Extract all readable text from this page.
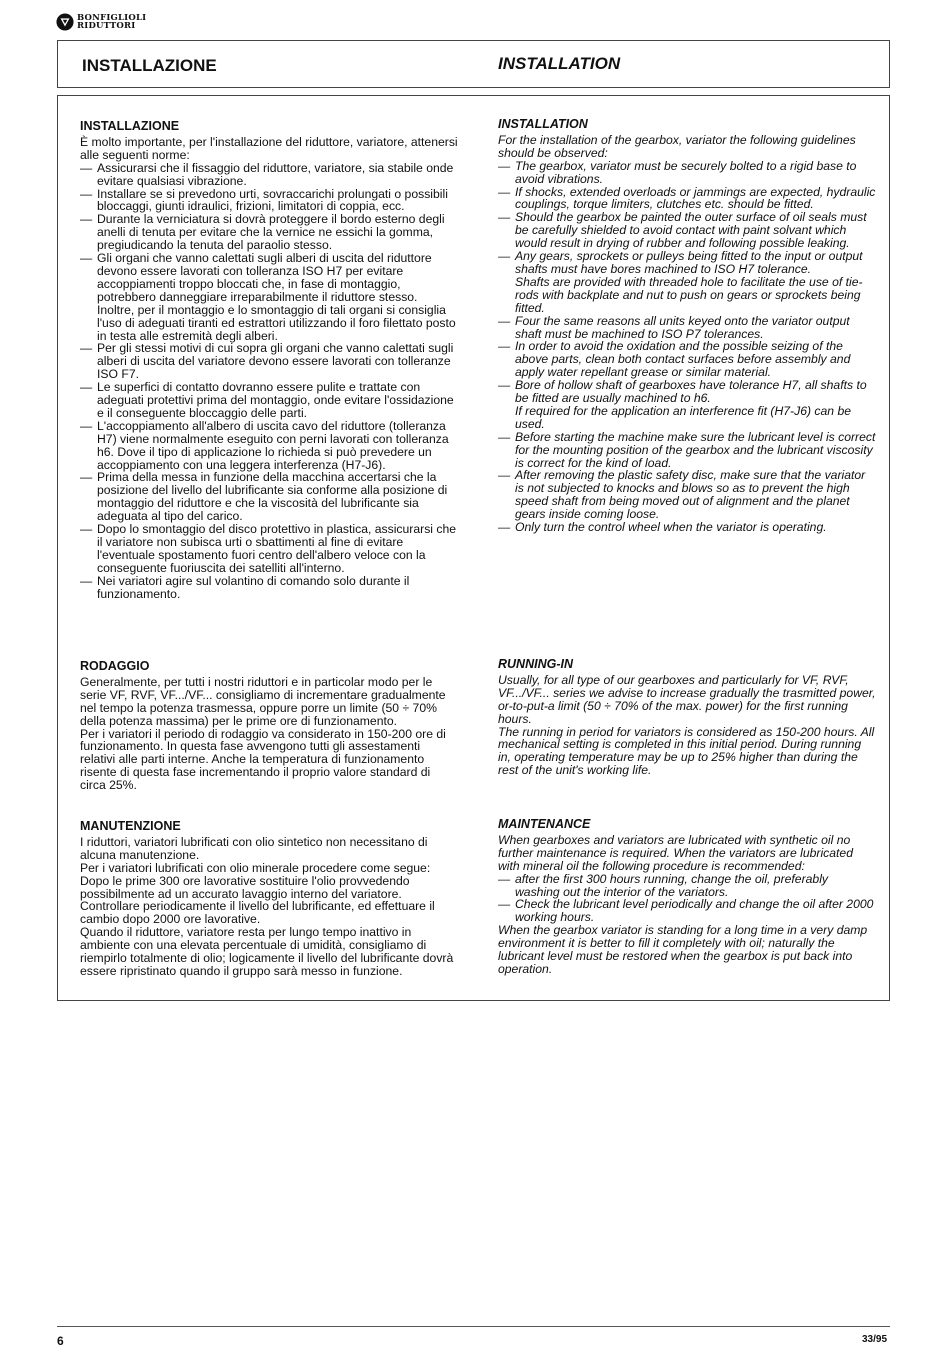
BONFIGLIOLI
RIDUTTORI
INSTALLAZIONE	INSTALLATION
INSTALLAZIONE

È molto importante, per l'installazione del riduttore, variatore, attenersi alle seguenti norme:

— Assicurarsi che il fissaggio del riduttore, variatore, sia stabile onde evitare qualsiasi vibrazione.

— Installare se si prevedono urti, sovraccarichi prolungati o possibili bloccaggi, giunti idraulici, frizioni, limitatori di coppia, ecc.

— Durante la verniciatura si dovrà proteggere il bordo esterno degli anelli di tenuta per evitare che la vernice ne essichi la gomma, pregiudicando la tenuta del paraolio stesso.

— Gli organi che vanno calettati sugli alberi di uscita del riduttore devono essere lavorati con tolleranza ISO H7 per evitare accoppiamenti troppo bloccati che, in fase di montaggio, potrebbero danneggiare irreparabilmente il riduttore stesso. Inoltre, per il montaggio e lo smontaggio di tali organi si consiglia l'uso di adeguati tiranti ed estrattori utilizzando il foro filettato posto in testa alle estremità degli alberi.

— Per gli stessi motivi di cui sopra gli organi che vanno calettati sugli alberi di uscita del variatore devono essere lavorati con tolleranze ISO F7.

— Le superfici di contatto dovranno essere pulite e trattate con adeguati protettivi prima del montaggio, onde evitare l'ossidazione e il conseguente bloccaggio delle parti.

— L'accoppiamento all'albero di uscita cavo del riduttore (tolleranza H7) viene normalmente eseguito con perni lavorati con tolleranza h6. Dove il tipo di applicazione lo richieda si può prevedere un accoppiamento con una leggera interferenza (H7-J6).

— Prima della messa in funzione della macchina accertarsi che la posizione del livello del lubrificante sia conforme alla posizione di montaggio del riduttore e che la viscosità del lubrificante sia adeguata al tipo del carico.

— Dopo lo smontaggio del disco protettivo in plastica, assicurarsi che il variatore non subisca urti o sbattimenti al fine di evitare l'eventuale spostamento fuori centro dell'albero veloce con la conseguente fuoriuscita dei satelliti all'interno.

— Nei variatori agire sul volantino di comando solo durante il funzionamento.

RODAGGIO

Generalmente, per tutti i nostri riduttori e in particolar modo per le serie VF, RVF, VF.../VF... consigliamo di incrementare gradualmente nel tempo la potenza trasmessa, oppure porre un limite (50 ÷ 70% della potenza massima) per le prime ore di funzionamento.

Per i variatori il periodo di rodaggio va considerato in 150-200 ore di funzionamento. In questa fase avvengono tutti gli assestamenti relativi alle parti interne. Anche la temperatura di funzionamento risente di questa fase incrementando il proprio valore standard di circa 25%.

MANUTENZIONE

I riduttori, variatori lubrificati con olio sintetico non necessitano di alcuna manutenzione.

Per i variatori lubrificati con olio minerale procedere come segue: Dopo le prime 300 ore lavorative sostituire l'olio provvedendo possibilmente ad un accurato lavaggio interno del variatore. Controllare periodicamente il livello del lubrificante, ed effettuare il cambio dopo 2000 ore lavorative.

Quando il riduttore, variatore resta per lungo tempo inattivo in ambiente con una elevata percentuale di umidità, consigliamo di riempirlo totalmente di olio; logicamente il livello del lubrificante dovrà essere ripristinato quando il gruppo sarà messo in funzione.

INSTALLATION

For the installation of the gearbox, variator the following guidelines should be observed:

— The gearbox, variator must be securely bolted to a rigid base to avoid vibrations.

— If shocks, extended overloads or jammings are expected, hydraulic couplings, torque limiters, clutches etc. should be fitted.

— Should the gearbox be painted the outer surface of oil seals must be carefully shielded to avoid contact with paint solvant which would result in drying of rubber and following possible leaking.

— Any gears, sprockets or pulleys being fitted to the input or output shafts must have bores machined to ISO H7 tolerance.

Shafts are provided with threaded hole to facilitate the use of tie-rods with backplate and nut to push on gears or sprockets being fitted.

— Four the same reasons all units keyed onto the variator output shaft must be machined to ISO P7 tolerances.

— In order to avoid the oxidation and the possible seizing of the above parts, clean both contact surfaces before assembly and apply water repellant grease or similar material.

— Bore of hollow shaft of gearboxes have tolerance H7, all shafts to be fitted are usually machined to h6.

If required for the application an interference fit (H7-J6) can be used.

— Before starting the machine make sure the lubricant level is correct for the mounting position of the gearbox and the lubricant viscosity is correct for the kind of load.

— After removing the plastic safety disc, make sure that the variator is not subjected to knocks and blows so as to prevent the high speed shaft from being moved out of alignment and the planet gears inside coming loose.

— Only turn the control wheel when the variator is operating.

RUNNING-IN

Usually, for all type of our gearboxes and particularly for VF, RVF, VF.../VF... series we advise to increase gradually the trasmitted power, or-to-put-a limit (50 ÷ 70% of the max. power) for the first running hours.

The running in period for variators is considered as 150-200 hours. All mechanical setting is completed in this initial period. During running in, operating temperature may be up to 25% higher than during the rest of the unit's working life.

MAINTENANCE

When gearboxes and variators are lubricated with synthetic oil no further maintenance is required. When the variators are lubricated with mineral oil the following procedure is recommended:

— after the first 300 hours running, change the oil, preferably washing out the interior of the variators.

— Check the lubricant level periodically and change the oil after 2000 working hours.

When the gearbox variator is standing for a long time in a very damp environment it is better to fill it completely with oil; naturally the lubricant level must be restored when the gearbox is put back into operation.

6	33/95
